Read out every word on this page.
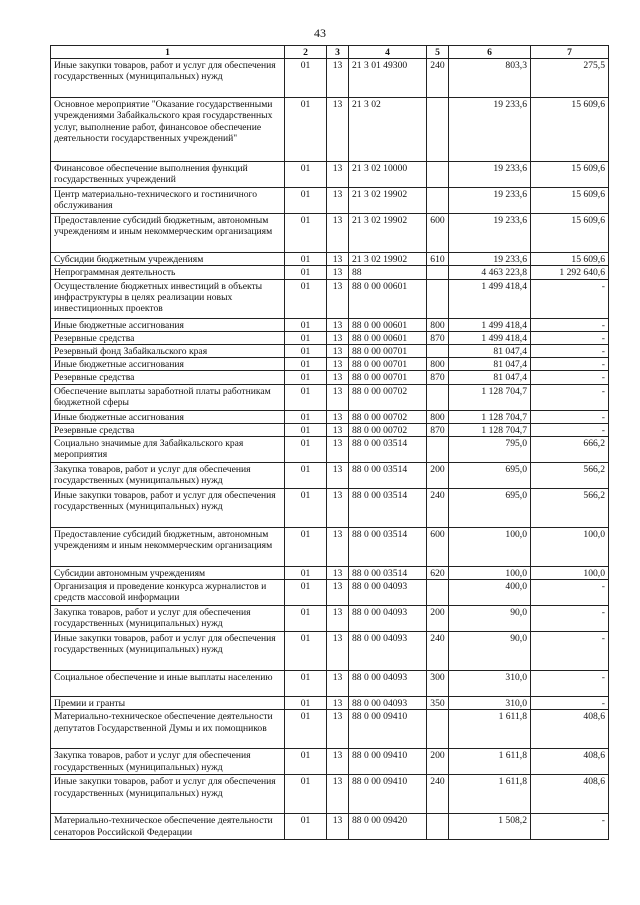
43
1	2	3	4	5	6	7
Иные закупки товаров, работ и услуг для обеспечения государственных (муниципальных) нужд	01	13	21 3 01 49300	240	803,3	275,5
Основное мероприятие "Оказание государственными учреждениями Забайкальского края государственных услуг, выполнение работ, финансовое обеспечение деятельности государственных учреждений"	01	13	21 3 02		19 233,6	15 609,6
Финансовое обеспечение выполнения функций государственных учреждений	01	13	21 3 02 10000		19 233,6	15 609,6
Центр материально-технического и гостиничного обслуживания	01	13	21 3 02 19902		19 233,6	15 609,6
Предоставление субсидий бюджетным, автономным учреждениям и иным некоммерческим организациям	01	13	21 3 02 19902	600	19 233,6	15 609,6
Субсидии бюджетным учреждениям	01	13	21 3 02 19902	610	19 233,6	15 609,6
Непрограммная деятельность	01	13	88		4 463 223,8	1 292 640,6
Осуществление бюджетных инвестиций в объекты инфраструктуры в целях реализации новых инвестиционных проектов	01	13	88 0 00 00601		1 499 418,4	-
Иные бюджетные ассигнования	01	13	88 0 00 00601	800	1 499 418,4	-
Резервные средства	01	13	88 0 00 00601	870	1 499 418,4	-
Резервный фонд Забайкальского края	01	13	88 0 00 00701		81 047,4	-
Иные бюджетные ассигнования	01	13	88 0 00 00701	800	81 047,4	-
Резервные средства	01	13	88 0 00 00701	870	81 047,4	-
Обеспечение выплаты заработной платы работникам бюджетной сферы	01	13	88 0 00 00702		1 128 704,7	-
Иные бюджетные ассигнования	01	13	88 0 00 00702	800	1 128 704,7	-
Резервные средства	01	13	88 0 00 00702	870	1 128 704,7	-
Социально значимые для Забайкальского края мероприятия	01	13	88 0 00 03514		795,0	666,2
Закупка товаров, работ и услуг для обеспечения государственных (муниципальных) нужд	01	13	88 0 00 03514	200	695,0	566,2
Иные закупки товаров, работ и услуг для обеспечения государственных (муниципальных) нужд	01	13	88 0 00 03514	240	695,0	566,2
Предоставление субсидий бюджетным, автономным учреждениям и иным некоммерческим организациям	01	13	88 0 00 03514	600	100,0	100,0
Субсидии автономным учреждениям	01	13	88 0 00 03514	620	100,0	100,0
Организация и проведение конкурса журналистов и средств массовой информации	01	13	88 0 00 04093		400,0	-
Закупка товаров, работ и услуг для обеспечения государственных (муниципальных) нужд	01	13	88 0 00 04093	200	90,0	-
Иные закупки товаров, работ и услуг для обеспечения государственных (муниципальных) нужд	01	13	88 0 00 04093	240	90,0	-
Социальное обеспечение и иные выплаты населению	01	13	88 0 00 04093	300	310,0	-
Премии и гранты	01	13	88 0 00 04093	350	310,0	-
Материально-техническое обеспечение деятельности депутатов Государственной Думы и их помощников	01	13	88 0 00 09410		1 611,8	408,6
Закупка товаров, работ и услуг для обеспечения государственных (муниципальных) нужд	01	13	88 0 00 09410	200	1 611,8	408,6
Иные закупки товаров, работ и услуг для обеспечения государственных (муниципальных) нужд	01	13	88 0 00 09410	240	1 611,8	408,6
Материально-техническое обеспечение деятельности сенаторов Российской Федерации	01	13	88 0 00 09420		1 508,2	-
